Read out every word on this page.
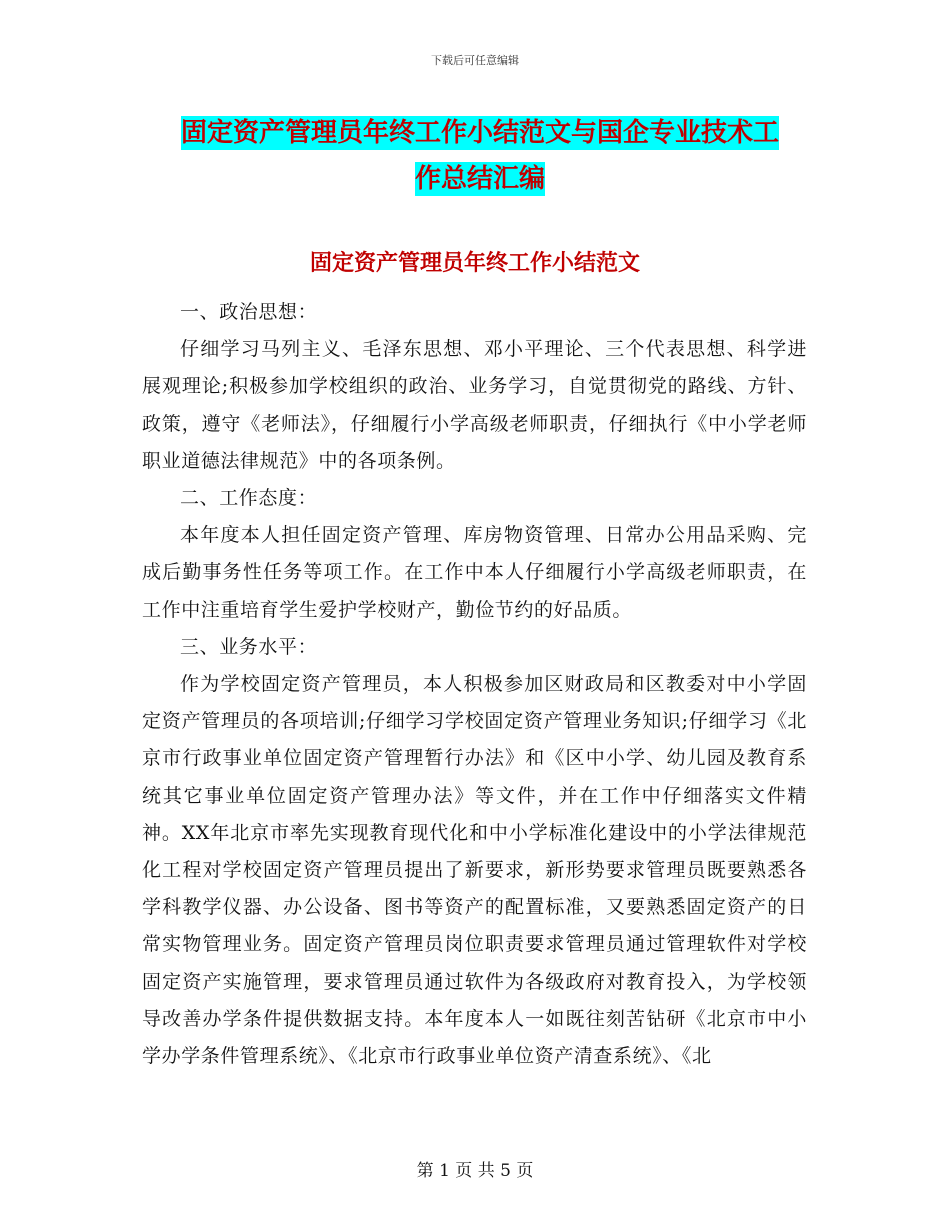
下载后可任意编辑
固定资产管理员年终工作小结范文与国企专业技术工
作总结汇编
固定资产管理员年终工作小结范文

一、政治思想：

仔细学习马列主义、毛泽东思想、邓小平理论、三个代表思想、科学进展观理论;积极参加学校组织的政治、业务学习，自觉贯彻党的路线、方针、政策，遵守《老师法》，仔细履行小学高级老师职责，仔细执行《中小学老师职业道德法律规范》中的各项条例。

二、工作态度：

本年度本人担任固定资产管理、库房物资管理、日常办公用品采购、完成后勤事务性任务等项工作。在工作中本人仔细履行小学高级老师职责，在工作中注重培育学生爱护学校财产，勤俭节约的好品质。

三、业务水平：

作为学校固定资产管理员，本人积极参加区财政局和区教委对中小学固定资产管理员的各项培训;仔细学习学校固定资产管理业务知识;仔细学习《北京市行政事业单位固定资产管理暂行办法》和《区中小学、幼儿园及教育系统其它事业单位固定资产管理办法》等文件，并在工作中仔细落实文件精神。XX年北京市率先实现教育现代化和中小学标准化建设中的小学法律规范化工程对学校固定资产管理员提出了新要求，新形势要求管理员既要熟悉各学科教学仪器、办公设备、图书等资产的配置标准，又要熟悉固定资产的日常实物管理业务。固定资产管理员岗位职责要求管理员通过管理软件对学校固定资产实施管理，要求管理员通过软件为各级政府对教育投入，为学校领导改善办学条件提供数据支持。本年度本人一如既往刻苦钻研《北京市中小学办学条件管理系统》、《北京市行政事业单位资产清查系统》、《北

第 1 页 共 5 页
